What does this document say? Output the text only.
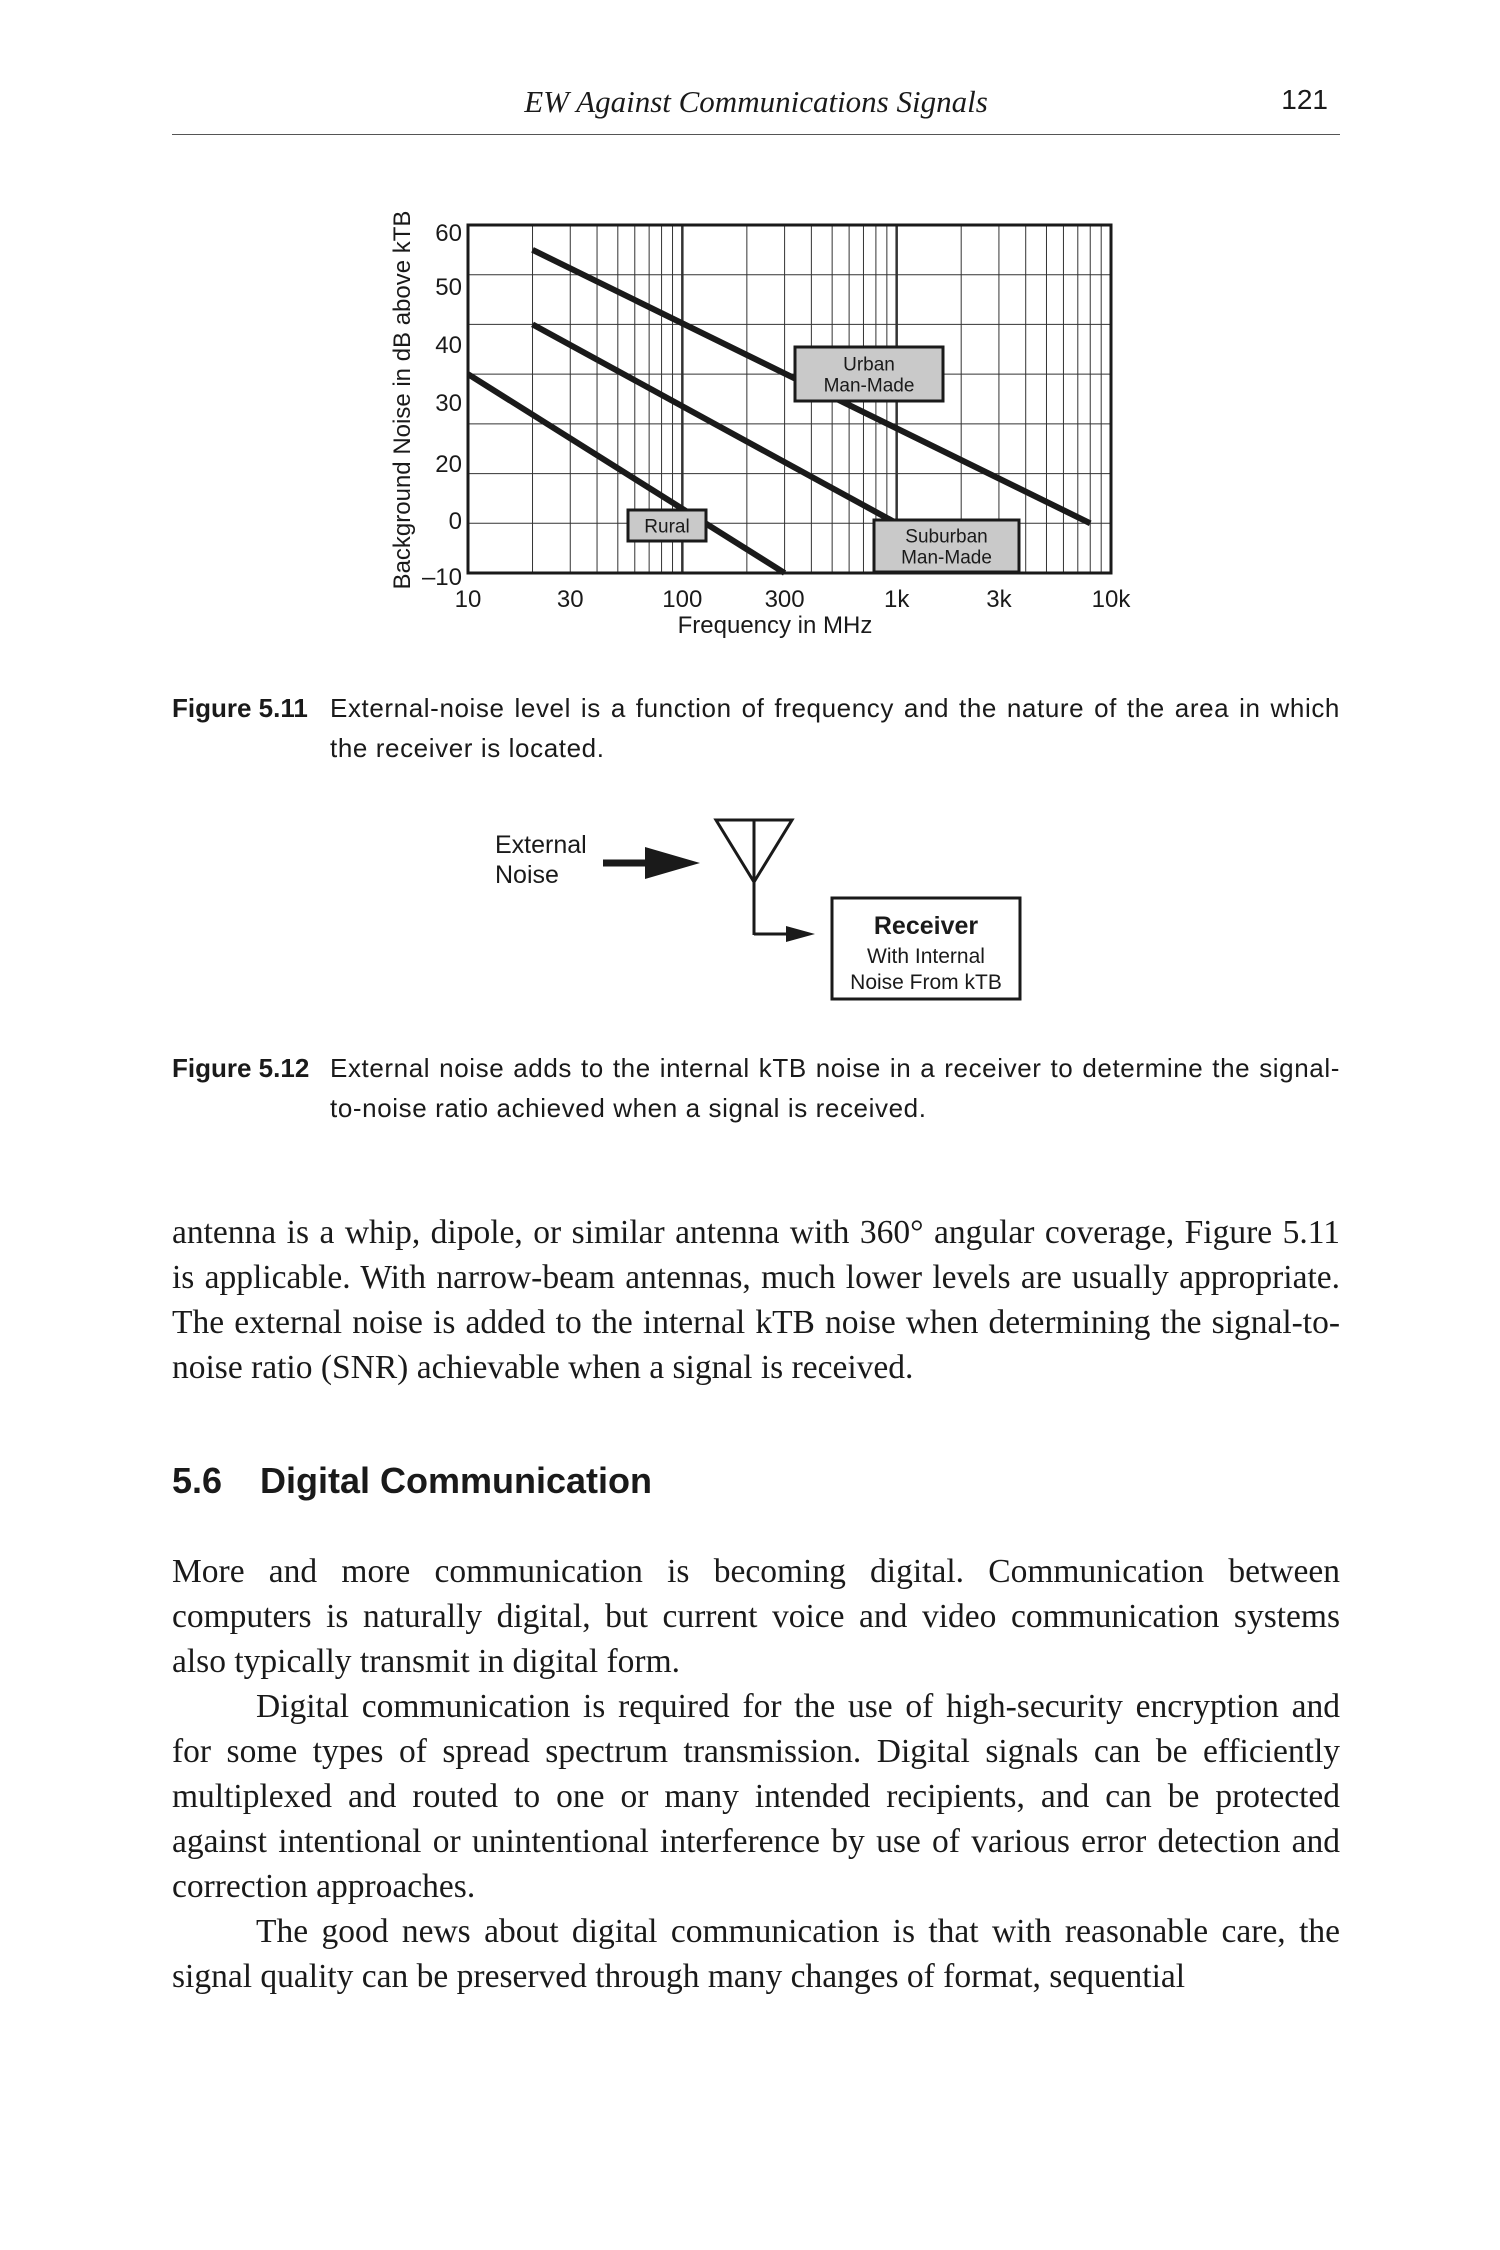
EW Against Communications Signals	121
Urban
Man-Made
Suburban
Man-Made
Rural
10	30	100	300	1k	3k	10k
60
50
40
30
20
0
–10
Frequency in MHz
Background Noise in dB above kTB
Figure 5.11 External-noise level is a function of frequency and the nature of the area in which the receiver is located.
External
Noise
Receiver
With Internal
Noise From kTB
Figure 5.12 External noise adds to the internal kTB noise in a receiver to determine the signal-to-noise ratio achieved when a signal is received.

antenna is a whip, dipole, or similar antenna with 360° angular coverage, Figure 5.11 is applicable. With narrow-beam antennas, much lower levels are usually appropriate. The external noise is added to the internal kTB noise when determining the signal-to-noise ratio (SNR) achievable when a signal is received.

5.6 Digital Communication

More and more communication is becoming digital. Communication between computers is naturally digital, but current voice and video communication systems also typically transmit in digital form.

Digital communication is required for the use of high-security encryption and for some types of spread spectrum transmission. Digital signals can be efficiently multiplexed and routed to one or many intended recipients, and can be protected against intentional or unintentional interference by use of various error detection and correction approaches.

The good news about digital communication is that with reasonable care, the signal quality can be preserved through many changes of format, sequential
